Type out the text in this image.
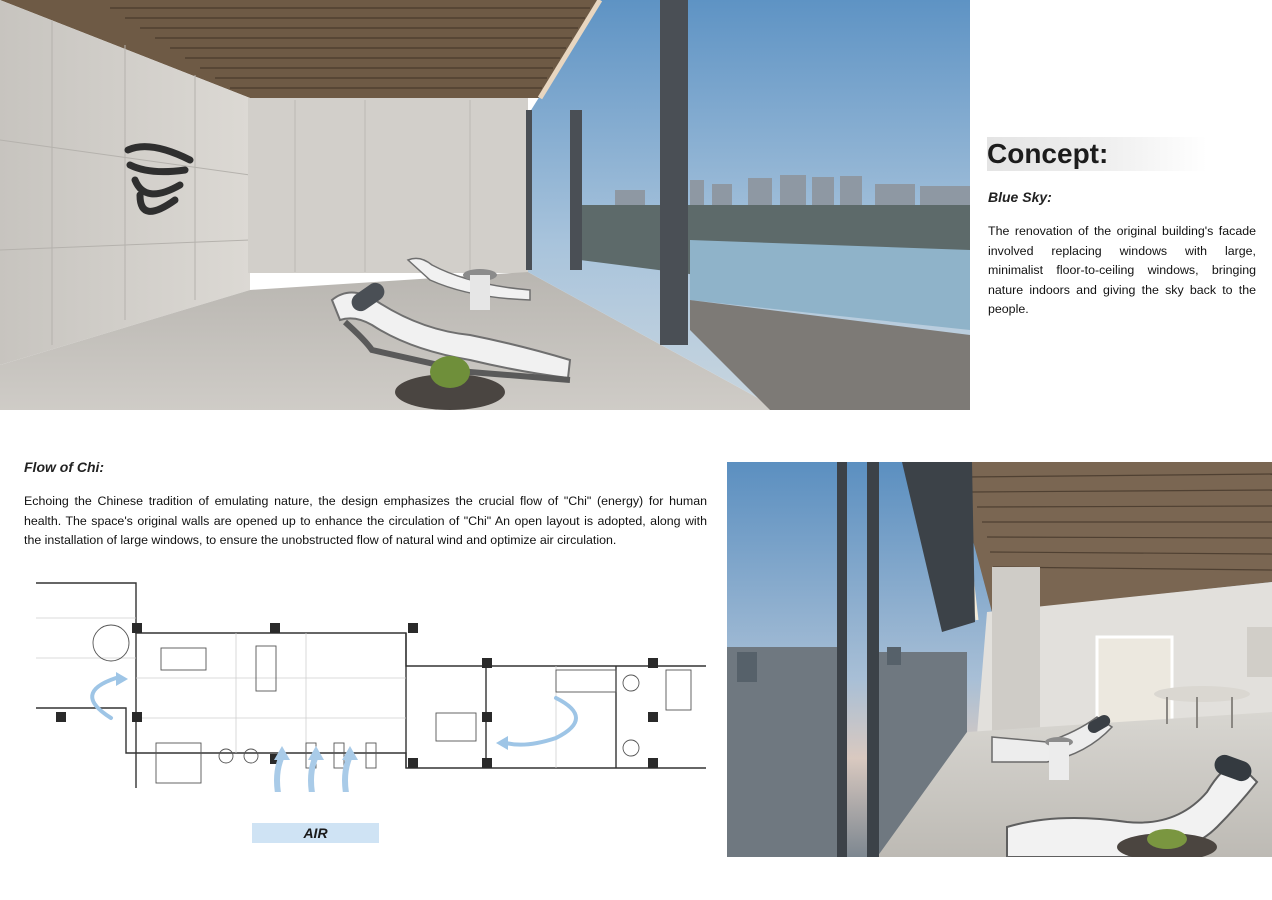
Concept:
Blue Sky:

The renovation of the original building's facade involved replacing windows with large, minimalist floor-to-ceiling windows, bringing nature indoors and giving the sky back to the people.

Flow of Chi:

Echoing the Chinese tradition of emulating nature, the design emphasizes the crucial flow of "Chi" (energy) for human health. The space's original walls are opened up to enhance the circulation of "Chi" An open layout is adopted, along with the installation of large windows, to ensure the unobstructed flow of natural wind and optimize air circulation.

AIR
